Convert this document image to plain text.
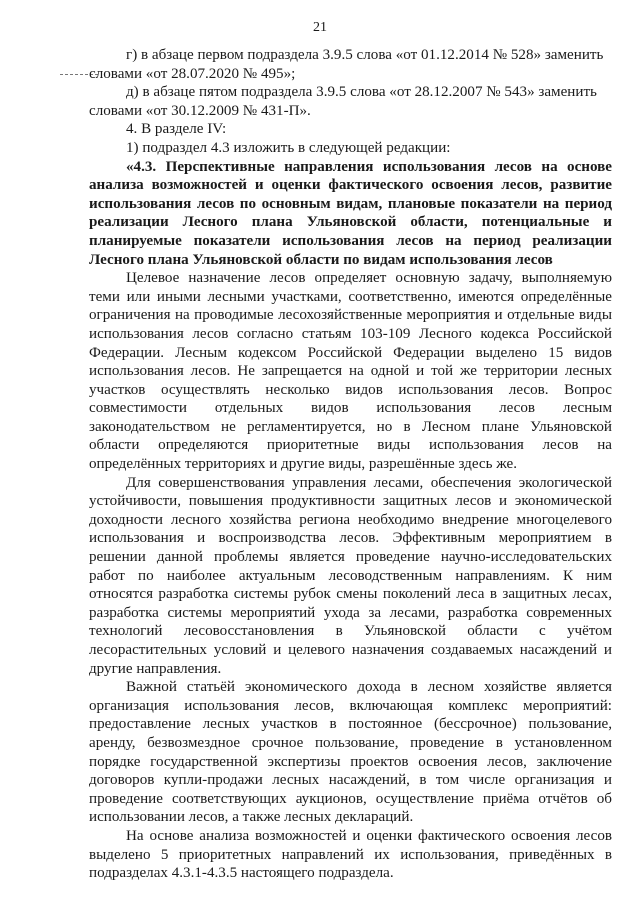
21

г) в абзаце первом подраздела 3.9.5 слова «от 01.12.2014 № 528» заменить

словами «от 28.07.2020 № 495»;

д) в абзаце пятом подраздела 3.9.5 слова «от 28.12.2007 № 543» заменить

словами «от 30.12.2009 № 431-П».

4. В разделе IV:

1) подраздел 4.3 изложить в следующей редакции:

«4.3. Перспективные направления использования лесов на основе анализа возможностей и оценки фактического освоения лесов, развитие использования лесов по основным видам, плановые показатели на период реализации Лесного плана Ульяновской области, потенциальные и планируемые показатели использования лесов на период реализации Лесного плана Ульяновской области по видам использования лесов

Целевое назначение лесов определяет основную задачу, выполняемую теми или иными лесными участками, соответственно, имеются определённые ограничения на проводимые лесохозяйственные мероприятия и отдельные виды использования лесов согласно статьям 103-109 Лесного кодекса Российской Федерации. Лесным кодексом Российской Федерации выделено 15 видов использования лесов. Не запрещается на одной и той же территории лесных участков осуществлять несколько видов использования лесов. Вопрос совместимости отдельных видов использования лесов лесным законодательством не регламентируется, но в Лесном плане Ульяновской области определяются приоритетные виды использования лесов на определённых территориях и другие виды, разрешённые здесь же.

Для совершенствования управления лесами, обеспечения экологической устойчивости, повышения продуктивности защитных лесов и экономической доходности лесного хозяйства региона необходимо внедрение многоцелевого использования и воспроизводства лесов. Эффективным мероприятием в решении данной проблемы является проведение научно-исследовательских работ по наиболее актуальным лесоводственным направлениям. К ним относятся разработка системы рубок смены поколений леса в защитных лесах, разработка системы мероприятий ухода за лесами, разработка современных технологий лесовосстановления в Ульяновской области с учётом лесорастительных условий и целевого назначения создаваемых насаждений и другие направления.

Важной статьёй экономического дохода в лесном хозяйстве является организация использования лесов, включающая комплекс мероприятий: предоставление лесных участков в постоянное (бессрочное) пользование, аренду, безвозмездное срочное пользование, проведение в установленном порядке государственной экспертизы проектов освоения лесов, заключение договоров купли-продажи лесных насаждений, в том числе организация и проведение соответствующих аукционов, осуществление приёма отчётов об использовании лесов, а также лесных деклараций.

На основе анализа возможностей и оценки фактического освоения лесов выделено 5 приоритетных направлений их использования, приведённых в подразделах 4.3.1-4.3.5 настоящего подраздела.
